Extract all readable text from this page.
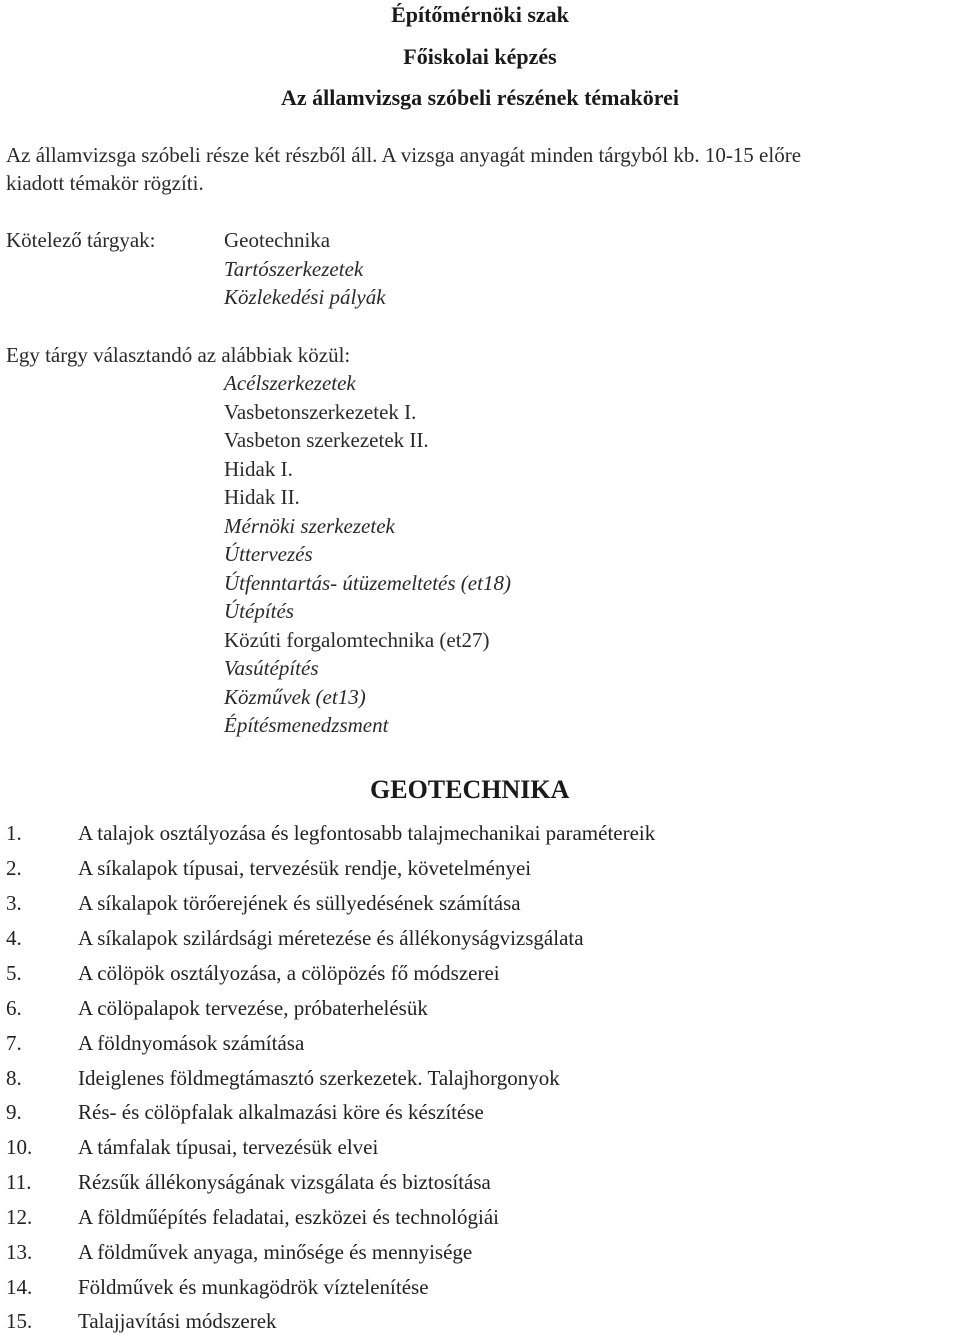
Építőmérnöki szak
Főiskolai képzés
Az államvizsga szóbeli részének témakörei
Az államvizsga szóbeli része két részből áll. A vizsga anyagát minden tárgyból kb. 10-15 előre
kiadott témakör rögzíti.
Kötelező tárgyak:	Geotechnika
Tartószerkezetek
Közlekedési pályák
Egy tárgy választandó az alábbiak közül:
Acélszerkezetek
Vasbetonszerkezetek I.
Vasbeton szerkezetek II.
Hidak I.
Hidak II.
Mérnöki szerkezetek
Úttervezés
Útfenntartás- útüzemeltetés (et18)
Útépítés
Közúti forgalomtechnika (et27)
Vasútépítés
Közművek (et13)
Építésmenedzsment
GEOTECHNIKA
1.	A talajok osztályozása és legfontosabb talajmechanikai paramétereik
2.	A síkalapok típusai, tervezésük rendje, követelményei
3.	A síkalapok törőerejének és süllyedésének számítása
4.	A síkalapok szilárdsági méretezése és állékonyságvizsgálata
5.	A cölöpök osztályozása, a cölöpözés fő módszerei
6.	A cölöpalapok tervezése, próbaterhelésük
7.	A földnyomások számítása
8.	Ideiglenes földmegtámasztó szerkezetek. Talajhorgonyok
9.	Rés- és cölöpfalak alkalmazási köre és készítése
10. A támfalak típusai, tervezésük elvei
11. Rézsűk állékonyságának vizsgálata és biztosítása
12. A földműépítés feladatai, eszközei és technológiái
13. A földművek anyaga, minősége és mennyisége
14. Földművek és munkagödrök víztelenítése
15. Talajjavítási módszerek
